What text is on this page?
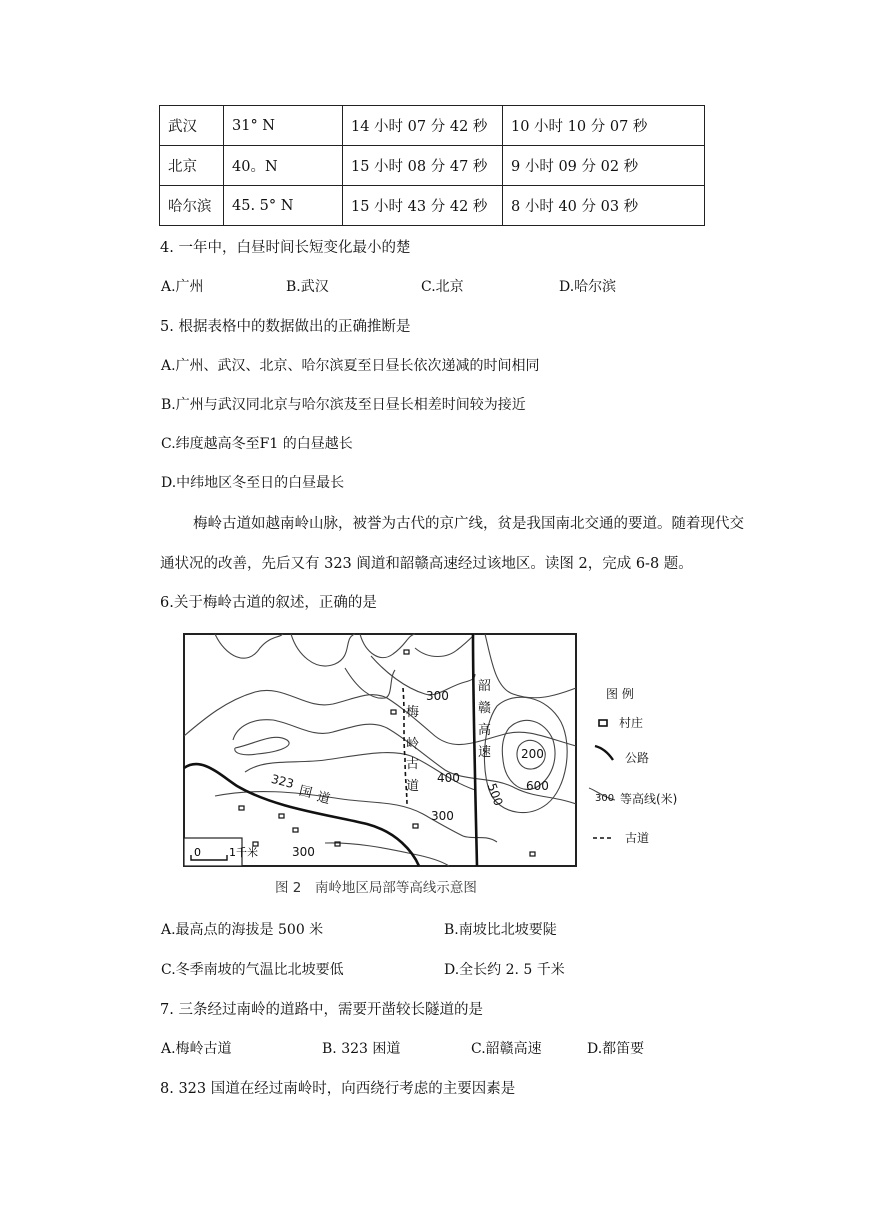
武汉	31° N	14 小时 07 分 42 秒	10 小时 10 分 07 秒
北京	40。N	15 小时 08 分 47 秒	9 小时 09 分 02 秒
哈尔滨	45. 5° N	15 小时 43 分 42 秒	8 小时 40 分 03 秒
4. 一年中，白昼时间长短变化最小的楚
A.广州	B.武汉	C.北京	D.哈尔滨
5. 根据表格中的数据做出的正确推断是
A.广州、武汉、北京、哈尔滨夏至日昼长依次递减的时间相同
B.广州与武汉同北京与哈尔滨芨至日昼长相差时间较为接近
C.纬度越高冬至F1 的白昼越长
D.中纬地区冬至日的白昼最长
梅岭古道如越南岭山脉，被誉为古代的京广线，贫是我国南北交通的要道。随着现代交
通状况的改善，先后又有 323 阆道和韶赣高速经过该地区。读图 2，完成 6-8 题。
6.关于梅岭古道的叙述，正确的是
300
400
300
300
500
200
600
梅
岭
古
道
韶
赣
高
速
323
国 道
0	1千米
图 例
村庄
公路
300 等高线(米)
古道
图 2　南岭地区局部等高线示意图
A.最高点的海拔是 500 米	B.南坡比北坡要陡
C.冬季南坡的气温比北坡要低	D.全长约 2. 5 千米
7. 三条经过南岭的道路中，需要开凿较长隧道的是
A.梅岭古道	B. 323 困道	C.韶赣高速	D.都笛要
8. 323 国道在经过南岭时，向西绕行考虑的主要因素是
